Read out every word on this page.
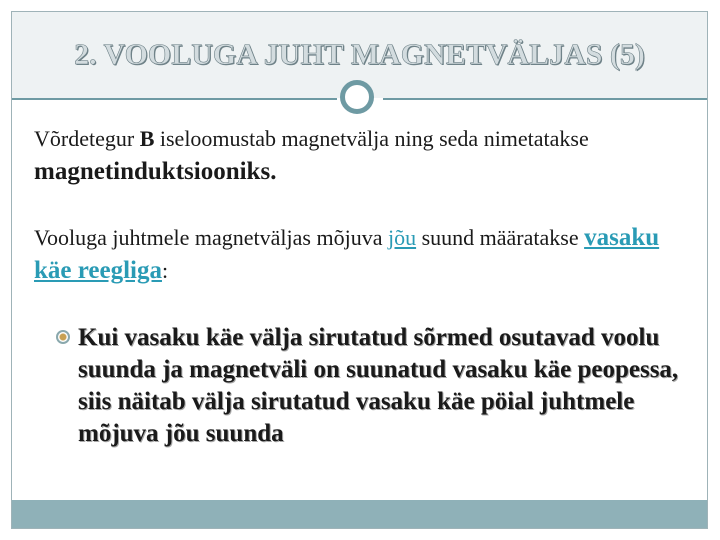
2. VOOLUGA JUHT MAGNETVÄLJAS (5)
Võrdetegur B iseloomustab magnetvälja ning seda nimetatakse magnetinduktsiooniks.
Vooluga juhtmele magnetväljas mõjuva jõu suund määratakse vasaku käe reegliga:
Kui vasaku käe välja sirutatud sõrmed osutavad voolu suunda ja magnetväli on suunatud vasaku käe peopessa, siis näitab välja sirutatud vasaku käe pöial juhtmele mõjuva jõu suunda
